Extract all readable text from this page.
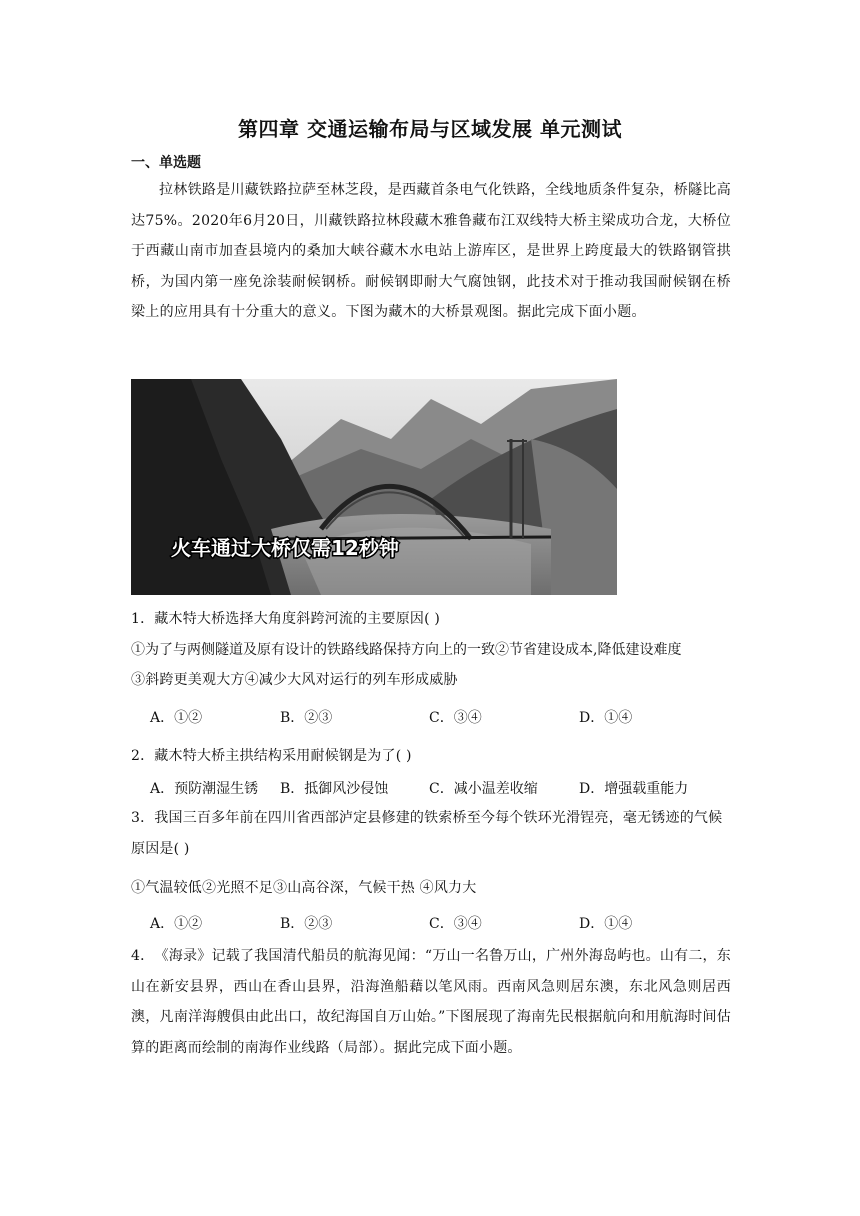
第四章 交通运输布局与区域发展 单元测试
一、单选题
拉林铁路是川藏铁路拉萨至林芝段，是西藏首条电气化铁路，全线地质条件复杂，桥隧比高达75%。2020年6月20日，川藏铁路拉林段藏木雅鲁藏布江双线特大桥主梁成功合龙，大桥位于西藏山南市加查县境内的桑加大峡谷藏木水电站上游库区，是世界上跨度最大的铁路钢管拱桥，为国内第一座免涂装耐候钢桥。耐候钢即耐大气腐蚀钢，此技术对于推动我国耐候钢在桥梁上的应用具有十分重大的意义。下图为藏木的大桥景观图。据此完成下面小题。
火车通过大桥仅需12秒钟
1．藏木特大桥选择大角度斜跨河流的主要原因( )
①为了与两侧隧道及原有设计的铁路线路保持方向上的一致②节省建设成本,降低建设难度
③斜跨更美观大方④减少大风对运行的列车形成威胁
A．①②	B．②③	C．③④	D．①④
2．藏木特大桥主拱结构采用耐候钢是为了( )
A．预防潮湿生锈 B．抵御风沙侵蚀	C．减小温差收缩	D．增强载重能力
3．我国三百多年前在四川省西部泸定县修建的铁索桥至今每个铁环光滑锃亮，毫无锈迹的气候原因是( )
①气温较低②光照不足③山高谷深，气候干热 ④风力大
A．①②	B．②③	C．③④	D．①④
4．　《海录》记载了我国清代船员的航海见闻：“万山一名鲁万山，广州外海岛屿也。山有二，东山在新安县界，西山在香山县界，沿海渔船藉以笔风雨。西南风急则居东澳，东北风急则居西澳，凡南洋海艘俱由此出口，故纪海国自万山始。”下图展现了海南先民根据航向和用航海时间估算的距离而绘制的南海作业线路（局部）。据此完成下面小题。
